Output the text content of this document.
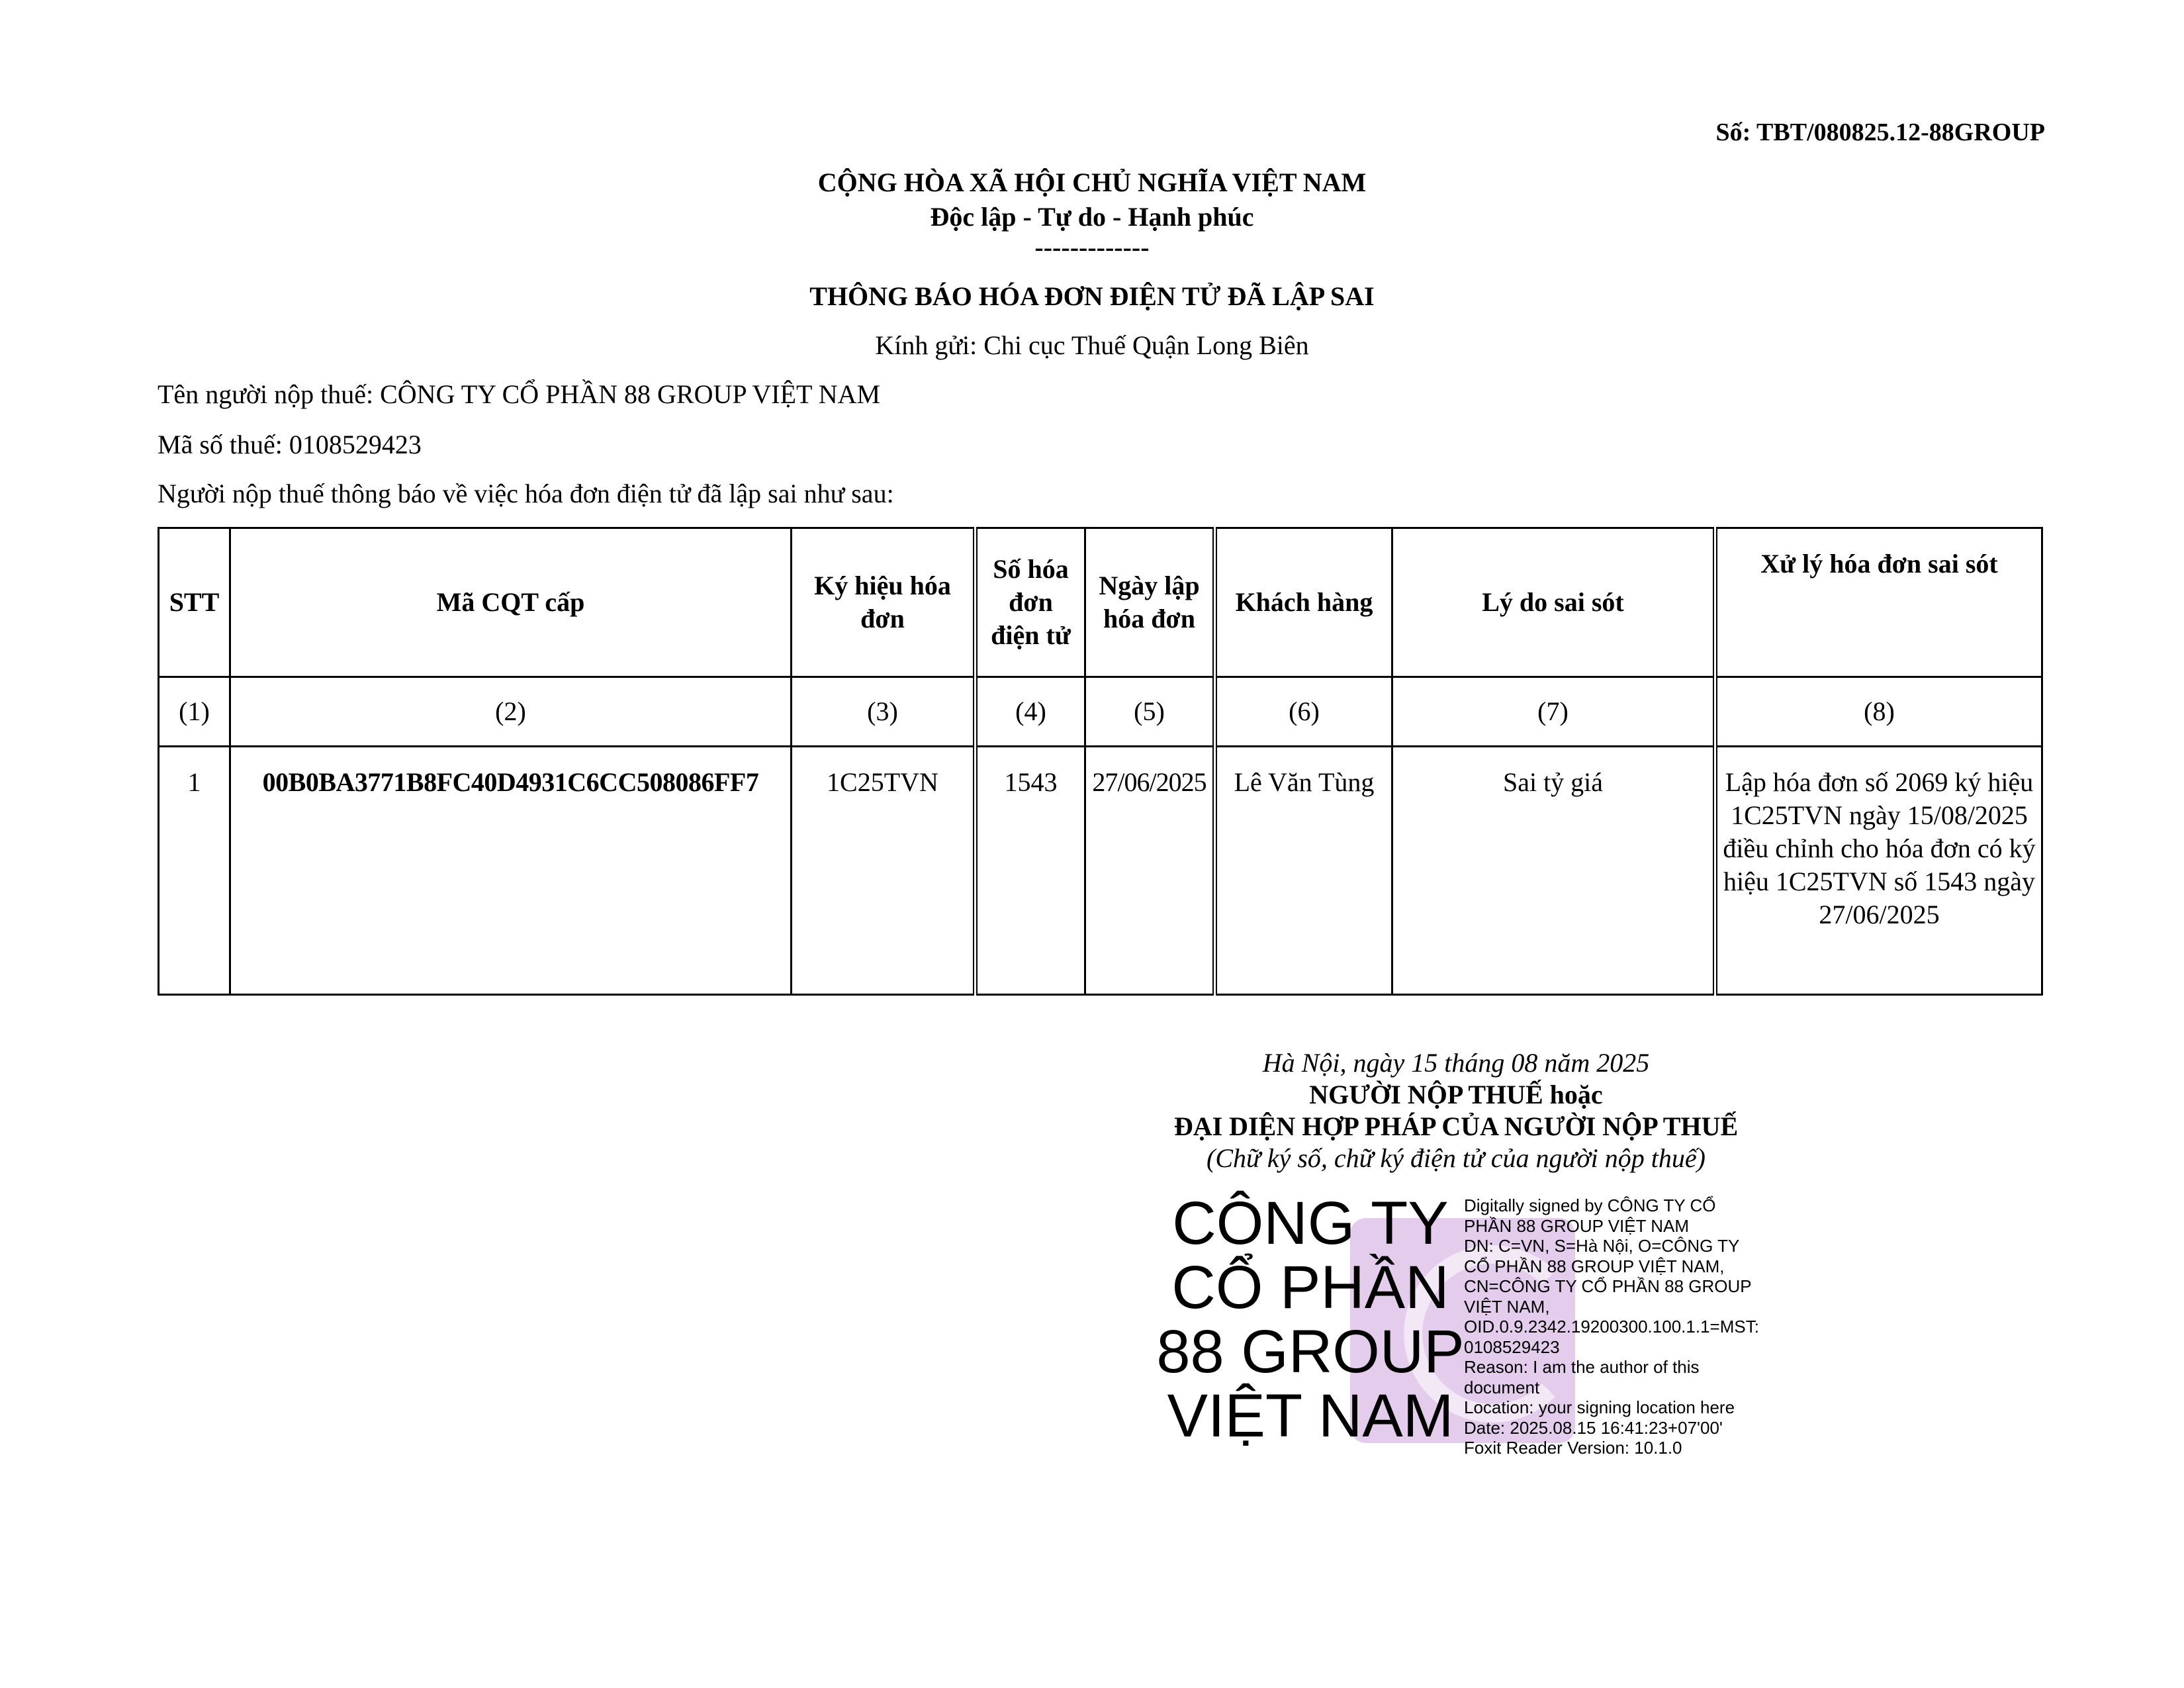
Số: TBT/080825.12-88GROUP
CỘNG HÒA XÃ HỘI CHỦ NGHĨA VIỆT NAM
Độc lập - Tự do - Hạnh phúc
-------------
THÔNG BÁO HÓA ĐƠN ĐIỆN TỬ ĐÃ LẬP SAI
Kính gửi: Chi cục Thuế Quận Long Biên
Tên người nộp thuế: CÔNG TY CỔ PHẦN 88 GROUP VIỆT NAM
Mã số thuế: 0108529423
Người nộp thuế thông báo về việc hóa đơn điện tử đã lập sai như sau:
STT	Mã CQT cấp	Ký hiệu hóa đơn	Số hóa đơn điện tử	Ngày lập hóa đơn	Khách hàng	Lý do sai sót	Xử lý hóa đơn sai sót
(1)	(2)	(3)	(4)	(5)	(6)	(7)	(8)
1	00B0BA3771B8FC40D4931C6CC508086FF7	1C25TVN	1543	27/06/2025	Lê Văn Tùng	Sai tỷ giá	Lập hóa đơn số 2069 ký hiệu 1C25TVN ngày 15/08/2025 điều chỉnh cho hóa đơn có ký hiệu 1C25TVN số 1543 ngày 27/06/2025
Hà Nội, ngày 15 tháng 08 năm 2025
NGƯỜI NỘP THUẾ hoặc
ĐẠI DIỆN HỢP PHÁP CỦA NGƯỜI NỘP THUẾ
(Chữ ký số, chữ ký điện tử của người nộp thuế)
CÔNG TY CỔ PHẦN 88 GROUP VIỆT NAM
Digitally signed by CÔNG TY CỔ
PHẦN 88 GROUP VIỆT NAM
DN: C=VN, S=Hà Nội, O=CÔNG TY
CỔ PHẦN 88 GROUP VIỆT NAM,
CN=CÔNG TY CỔ PHẦN 88 GROUP
VIỆT NAM,
OID.0.9.2342.19200300.100.1.1=MST:
0108529423
Reason: I am the author of this
document
Location: your signing location here
Date: 2025.08.15 16:41:23+07'00'
Foxit Reader Version: 10.1.0
